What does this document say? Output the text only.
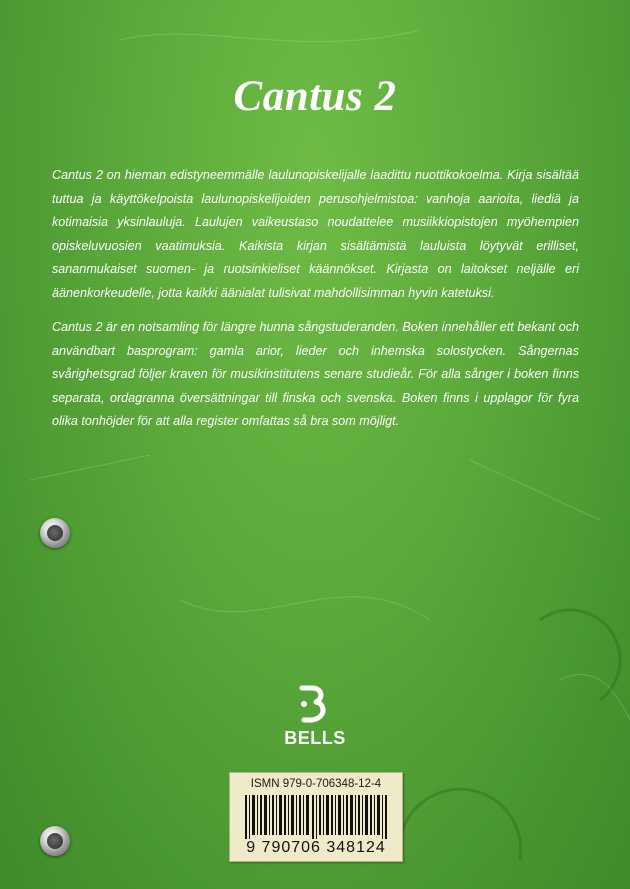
Cantus 2
Cantus 2 on hieman edistyneemmälle laulunopiskelijalle laadittu nuottikokoelma. Kirja sisältää tuttua ja käyttökelpoista laulunopiskelijoiden perusohjelmistoa: vanhoja aarioita, liediä ja kotimaisia yksinlauluja. Laulujen vaikeustaso noudattelee musiikkiopistojen myöhempien opiskeluvuosien vaatimuksia. Kaikista kirjan sisältämistä lauluista löytyvät erilliset, sananmukaiset suomen- ja ruotsinkieliset käännökset. Kirjasta on laitokset neljälle eri äänenkorkeudelle, jotta kaikki äänialat tulisivat mahdollisimman hyvin katetuksi.
Cantus 2 är en notsamling för längre hunna sångstuderanden. Boken innehåller ett bekant och användbart basprogram: gamla arior, lieder och inhemska solostycken. Sångernas svårighetsgrad följer kraven för musikinstitutens senare studieår. För alla sånger i boken finns separata, ordagranna översättningar till finska och svenska. Boken finns i upplagor för fyra olika tonhöjder för att alla register omfattas så bra som möjligt.
BELLS
ISMN 979-0-706348-12-4
9 790706 348124
